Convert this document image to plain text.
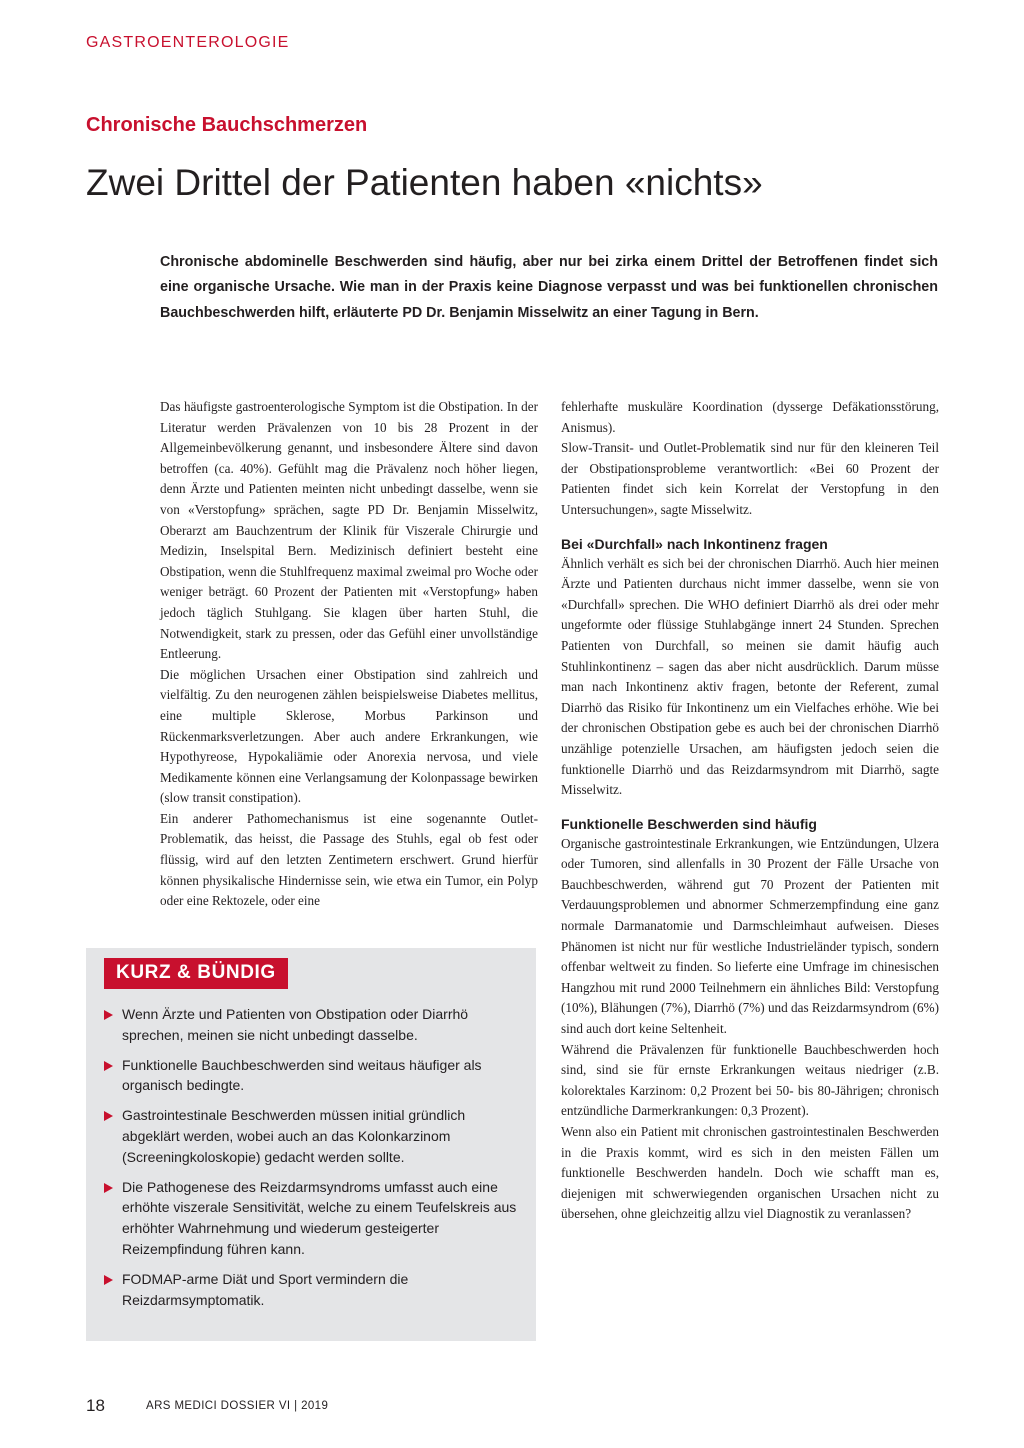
GASTROENTEROLOGIE
Chronische Bauchschmerzen
Zwei Drittel der Patienten haben «nichts»

Chronische abdominelle Beschwerden sind häufig, aber nur bei zirka einem Drittel der Betroffenen findet sich eine organische Ursache. Wie man in der Praxis keine Diagnose verpasst und was bei funktionellen chronischen Bauchbeschwerden hilft, erläuterte PD Dr. Benjamin Misselwitz an einer Tagung in Bern.

Das häufigste gastroenterologische Symptom ist die Obstipation. In der Literatur werden Prävalenzen von 10 bis 28 Prozent in der Allgemeinbevölkerung genannt, und insbesondere Ältere sind davon betroffen (ca. 40%). Gefühlt mag die Prävalenz noch höher liegen, denn Ärzte und Patienten meinten nicht unbedingt dasselbe, wenn sie von «Verstopfung» sprächen, sagte PD Dr. Benjamin Misselwitz, Oberarzt am Bauchzentrum der Klinik für Viszerale Chirurgie und Medizin, Inselspital Bern. Medizinisch definiert besteht eine Obstipation, wenn die Stuhlfrequenz maximal zweimal pro Woche oder weniger beträgt. 60 Prozent der Patienten mit «Verstopfung» haben jedoch täglich Stuhlgang. Sie klagen über harten Stuhl, die Notwendigkeit, stark zu pressen, oder das Gefühl einer unvollständige Entleerung.

Die möglichen Ursachen einer Obstipation sind zahlreich und vielfältig. Zu den neurogenen zählen beispielsweise Diabetes mellitus, eine multiple Sklerose, Morbus Parkinson und Rückenmarksverletzungen. Aber auch andere Erkrankungen, wie Hypothyreose, Hypokaliämie oder Anorexia nervosa, und viele Medikamente können eine Verlangsamung der Kolonpassage bewirken (slow transit constipation).

Ein anderer Pathomechanismus ist eine sogenannte Outlet-Problematik, das heisst, die Passage des Stuhls, egal ob fest oder flüssig, wird auf den letzten Zentimetern erschwert. Grund hierfür können physikalische Hindernisse sein, wie etwa ein Tumor, ein Polyp oder eine Rektozele, oder eine

fehlerhafte muskuläre Koordination (dysserge Defäkationsstörung, Anismus).

Slow-Transit- und Outlet-Problematik sind nur für den kleineren Teil der Obstipationsprobleme verantwortlich: «Bei 60 Prozent der Patienten findet sich kein Korrelat der Verstopfung in den Untersuchungen», sagte Misselwitz.

Bei «Durchfall» nach Inkontinenz fragen

Ähnlich verhält es sich bei der chronischen Diarrhö. Auch hier meinen Ärzte und Patienten durchaus nicht immer dasselbe, wenn sie von «Durchfall» sprechen. Die WHO definiert Diarrhö als drei oder mehr ungeformte oder flüssige Stuhlabgänge innert 24 Stunden. Sprechen Patienten von Durchfall, so meinen sie damit häufig auch Stuhlinkontinenz – sagen das aber nicht ausdrücklich. Darum müsse man nach Inkontinenz aktiv fragen, betonte der Referent, zumal Diarrhö das Risiko für Inkontinenz um ein Vielfaches erhöhe. Wie bei der chronischen Obstipation gebe es auch bei der chronischen Diarrhö unzählige potenzielle Ursachen, am häufigsten jedoch seien die funktionelle Diarrhö und das Reizdarmsyndrom mit Diarrhö, sagte Misselwitz.

Funktionelle Beschwerden sind häufig

Organische gastrointestinale Erkrankungen, wie Entzündungen, Ulzera oder Tumoren, sind allenfalls in 30 Prozent der Fälle Ursache von Bauchbeschwerden, während gut 70 Prozent der Patienten mit Verdauungsproblemen und abnormer Schmerzempfindung eine ganz normale Darmanatomie und Darmschleimhaut aufweisen. Dieses Phänomen ist nicht nur für westliche Industrieländer typisch, sondern offenbar weltweit zu finden. So lieferte eine Umfrage im chinesischen Hangzhou mit rund 2000 Teilnehmern ein ähnliches Bild: Verstopfung (10%), Blähungen (7%), Diarrhö (7%) und das Reizdarmsyndrom (6%) sind auch dort keine Seltenheit.

Während die Prävalenzen für funktionelle Bauchbeschwerden hoch sind, sind sie für ernste Erkrankungen weitaus niedriger (z.B. kolorektales Karzinom: 0,2 Prozent bei 50- bis 80-Jährigen; chronisch entzündliche Darmerkrankungen: 0,3 Prozent).

Wenn also ein Patient mit chronischen gastrointestinalen Beschwerden in die Praxis kommt, wird es sich in den meisten Fällen um funktionelle Beschwerden handeln. Doch wie schafft man es, diejenigen mit schwerwiegenden organischen Ursachen nicht zu übersehen, ohne gleichzeitig allzu viel Diagnostik zu veranlassen?

KURZ & BÜNDIG
Wenn Ärzte und Patienten von Obstipation oder Diarrhö sprechen, meinen sie nicht unbedingt dasselbe.
Funktionelle Bauchbeschwerden sind weitaus häufiger als organisch bedingte.
Gastrointestinale Beschwerden müssen initial gründlich abgeklärt werden, wobei auch an das Kolonkarzinom (Screeningkoloskopie) gedacht werden sollte.
Die Pathogenese des Reizdarmsyndroms umfasst auch eine erhöhte viszerale Sensitivität, welche zu einem Teufelskreis aus erhöhter Wahrnehmung und wiederum gesteigerter Reizempfindung führen kann.
FODMAP-arme Diät und Sport vermindern die Reizdarmsymptomatik.
18	ARS MEDICI DOSSIER VI | 2019
